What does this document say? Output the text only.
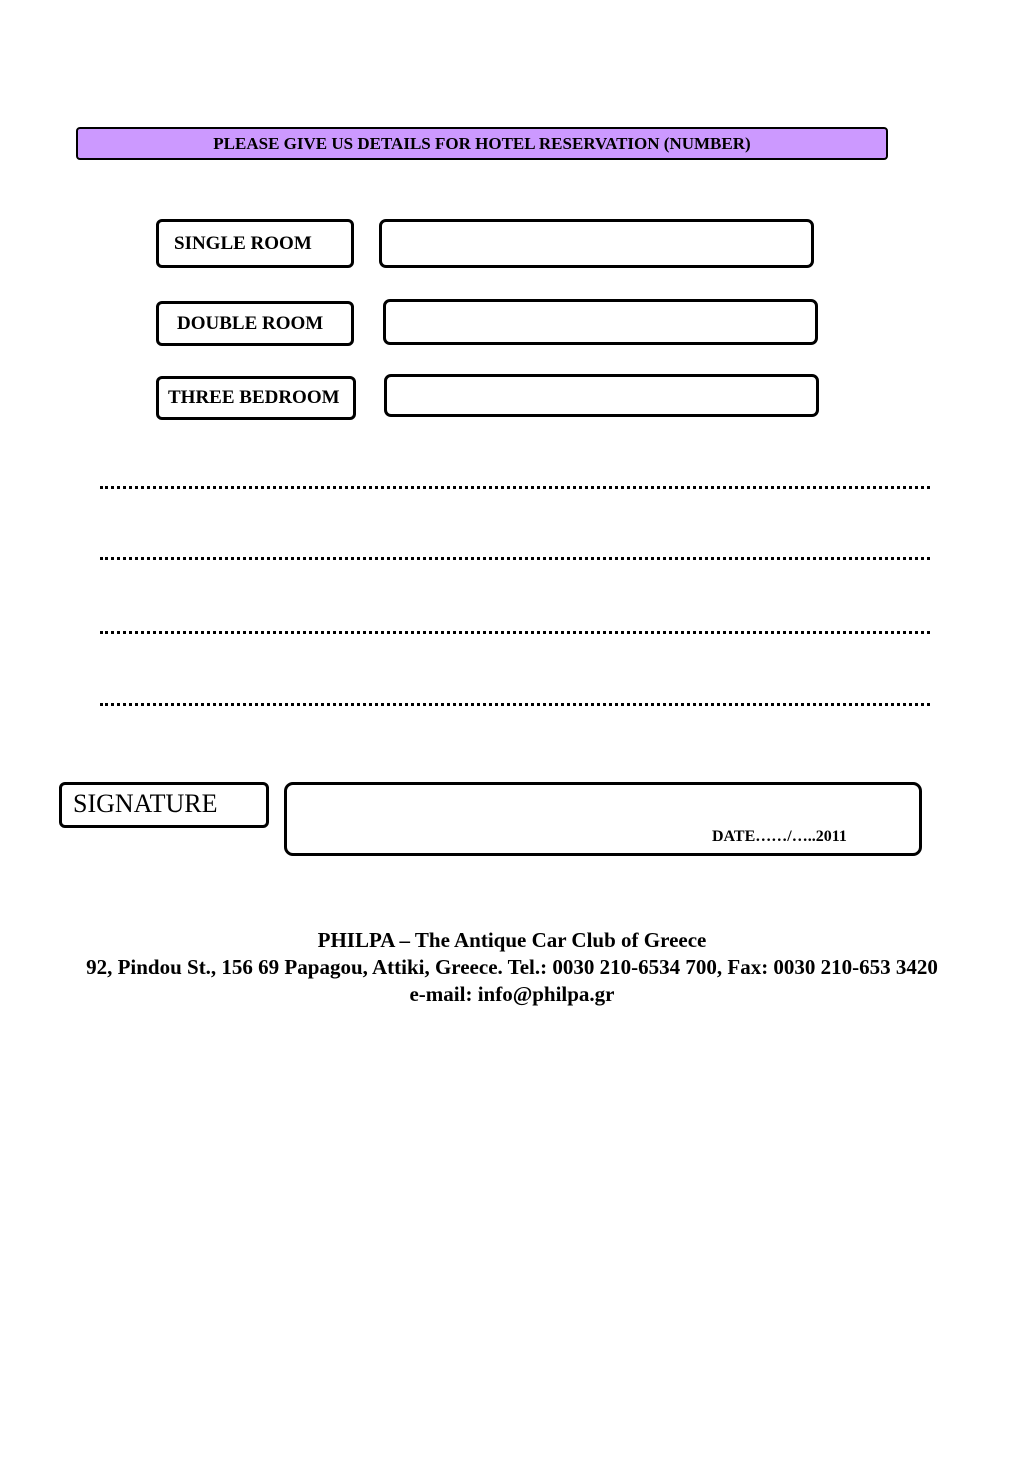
PLEASE GIVE US DETAILS FOR HOTEL RESERVATION (NUMBER)
SINGLE ROOM
DOUBLE ROOM
THREE BEDROOM
SIGNATURE
DATE……/…..2011
PHILPA – The Antique Car Club of Greece
92, Pindou St., 156 69 Papagou, Attiki, Greece. Tel.: 0030 210-6534 700, Fax: 0030 210-653 3420
e-mail: info@philpa.gr
